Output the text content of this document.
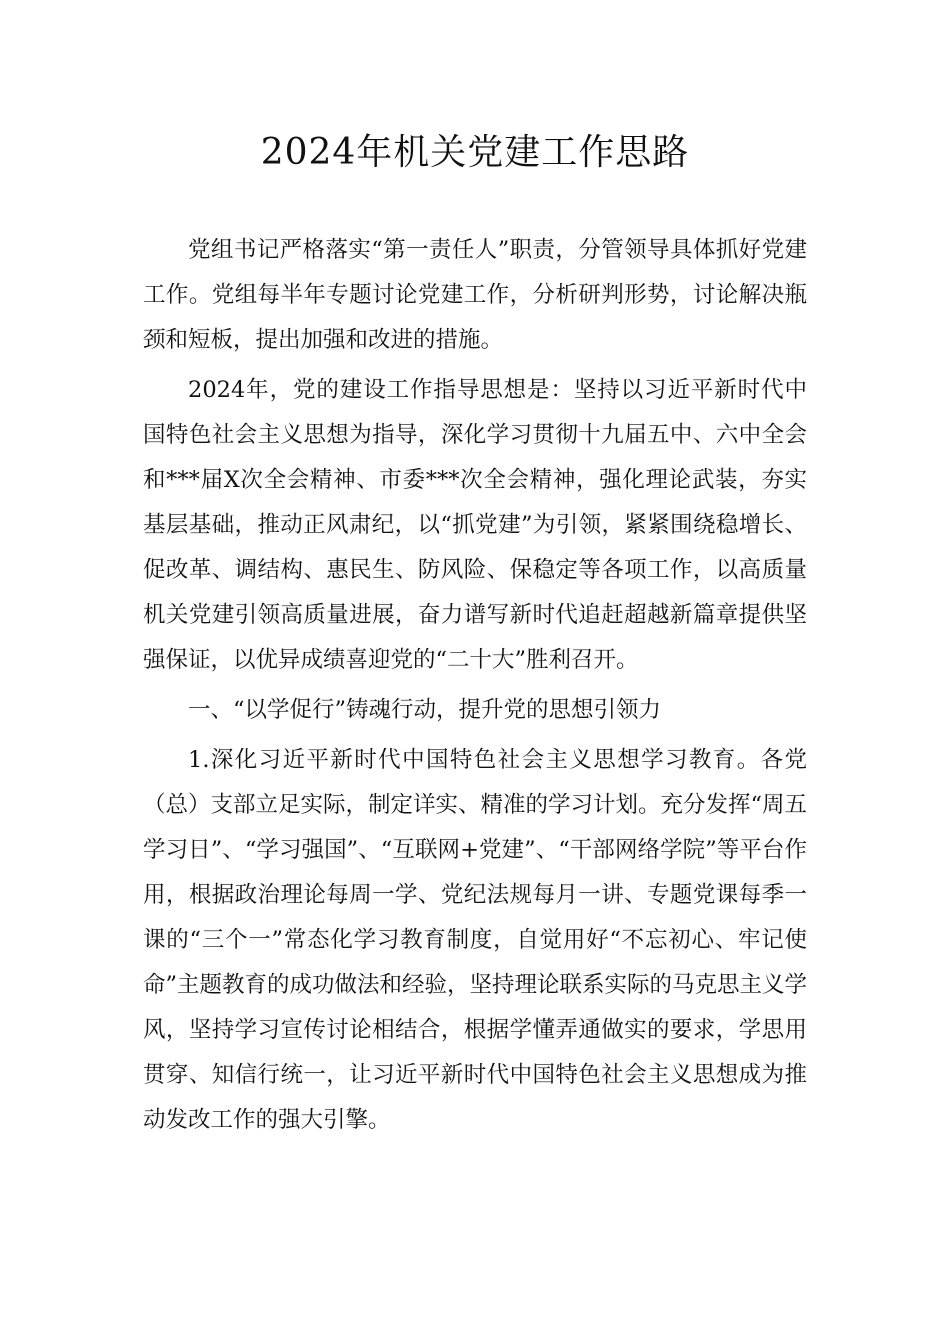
2024年机关党建工作思路

党组书记严格落实“第一责任人”职责，分管领导具体抓好党建工作。党组每半年专题讨论党建工作，分析研判形势，讨论解决瓶颈和短板，提出加强和改进的措施。

2024年，党的建设工作指导思想是：坚持以习近平新时代中国特色社会主义思想为指导，深化学习贯彻十九届五中、六中全会和***届X次全会精神、市委***次全会精神，强化理论武装，夯实基层基础，推动正风肃纪，以“抓党建”为引领，紧紧围绕稳增长、促改革、调结构、惠民生、防风险、保稳定等各项工作，以高质量机关党建引领高质量进展，奋力谱写新时代追赶超越新篇章提供坚强保证，以优异成绩喜迎党的“二十大”胜利召开。

一、“以学促行”铸魂行动，提升党的思想引领力

1.深化习近平新时代中国特色社会主义思想学习教育。各党（总）支部立足实际，制定详实、精准的学习计划。充分发挥“周五学习日”、“学习强国”、“互联网+党建”、“干部网络学院”等平台作用，根据政治理论每周一学、党纪法规每月一讲、专题党课每季一课的“三个一”常态化学习教育制度，自觉用好“不忘初心、牢记使命”主题教育的成功做法和经验，坚持理论联系实际的马克思主义学风，坚持学习宣传讨论相结合，根据学懂弄通做实的要求，学思用贯穿、知信行统一，让习近平新时代中国特色社会主义思想成为推动发改工作的强大引擎。
